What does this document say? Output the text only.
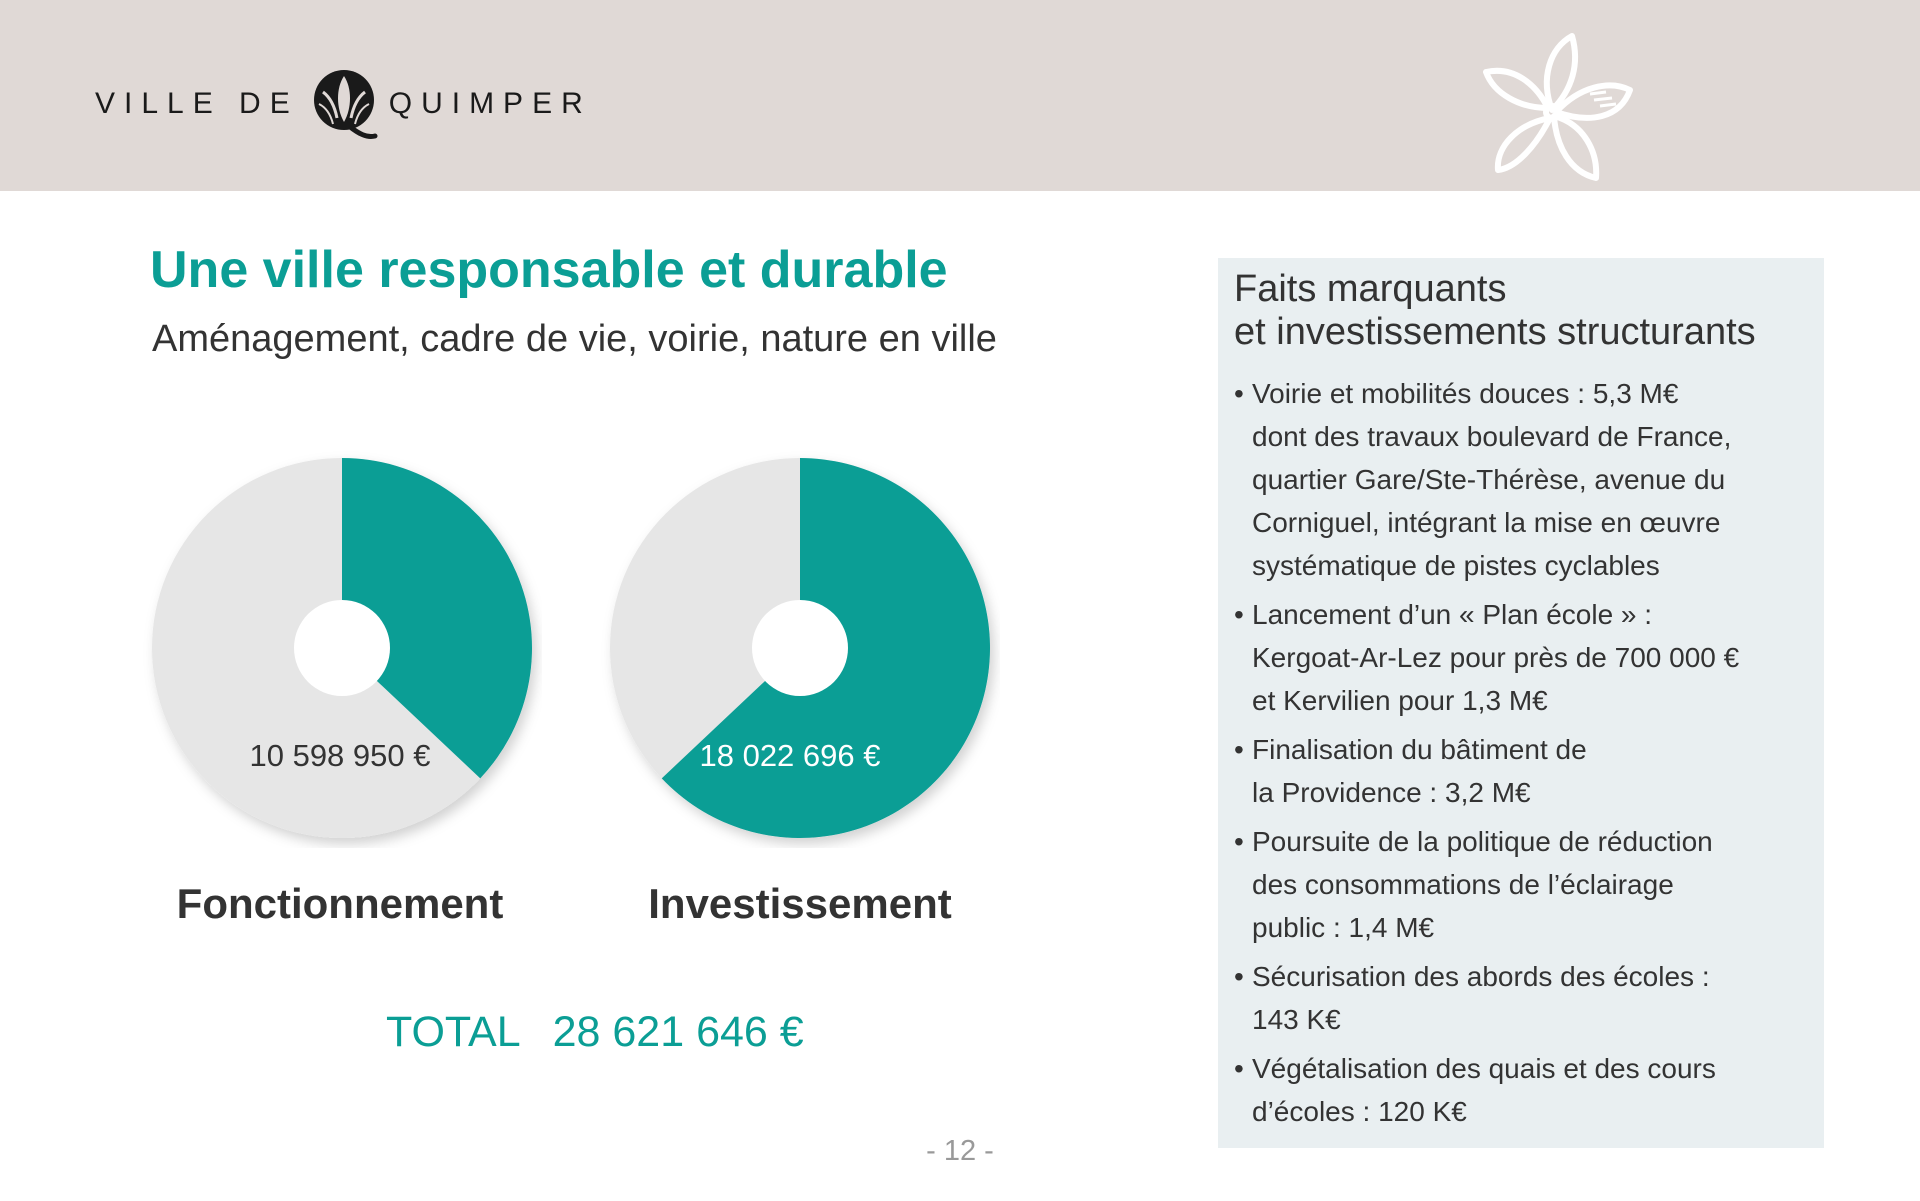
VILLE DE	QUIMPER
Une ville responsable et durable
Aménagement, cadre de vie, voirie, nature en ville
10 598 950 €	18 022 696 €
Fonctionnement	Investissement
TOTAL 28 621 646 €
Faits marquants
et investissements structurants
• Voirie et mobilités douces : 5,3 M€
dont des travaux boulevard de France,
quartier Gare/Ste-Thérèse, avenue du
Corniguel, intégrant la mise en œuvre
systématique de pistes cyclables
• Lancement d’un « Plan école » :
Kergoat-Ar-Lez pour près de 700 000 €
et Kervilien pour 1,3 M€
• Finalisation du bâtiment de
la Providence : 3,2 M€
• Poursuite de la politique de réduction
des consommations de l’éclairage
public : 1,4 M€
• Sécurisation des abords des écoles :
143 K€
• Végétalisation des quais et des cours
d’écoles : 120 K€
- 12 -
